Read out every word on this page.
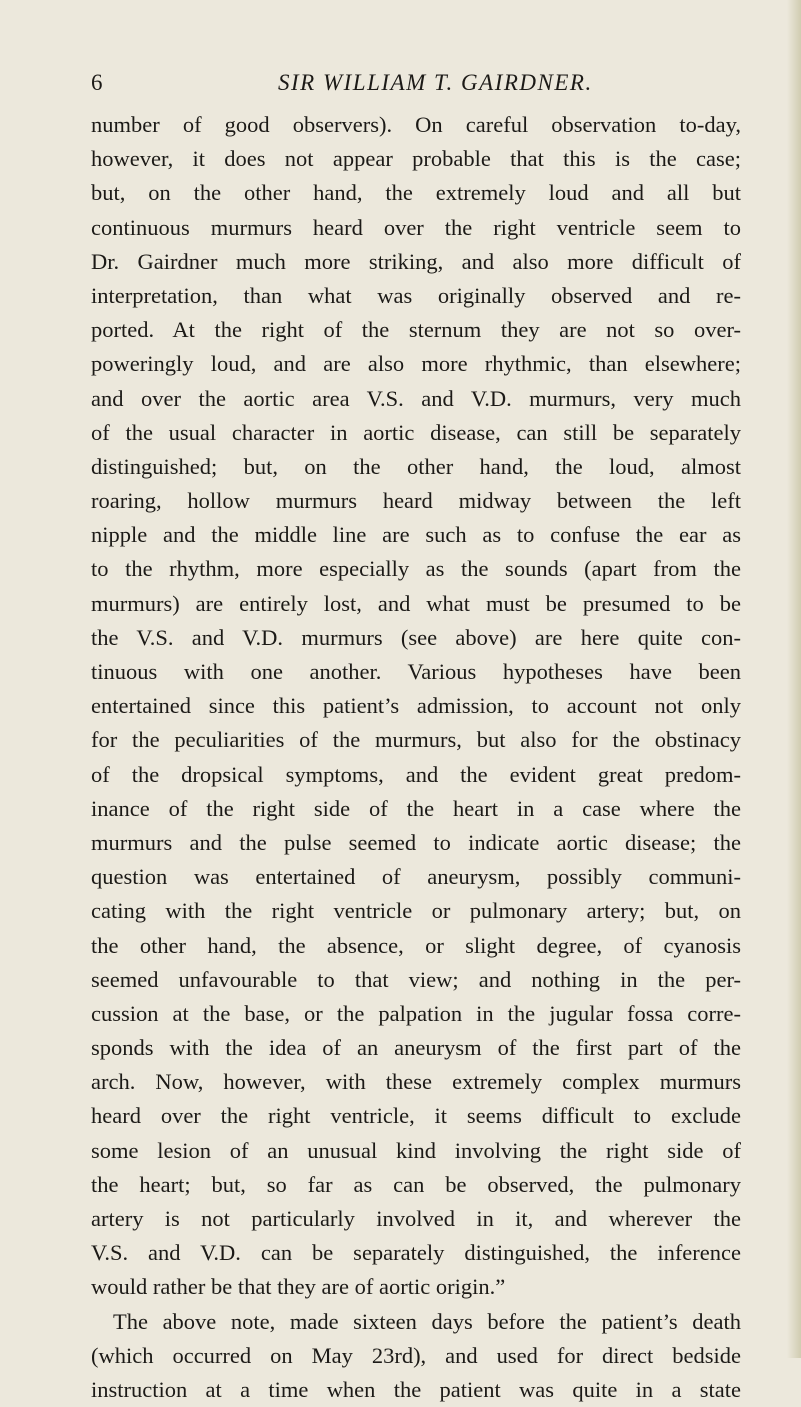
6	SIR WILLIAM T. GAIRDNER.
number of good observers). On careful observation to-day,
however, it does not appear probable that this is the case;
but, on the other hand, the extremely loud and all but
continuous murmurs heard over the right ventricle seem to
Dr. Gairdner much more striking, and also more difficult of
interpretation, than what was originally observed and re-
ported. At the right of the sternum they are not so over-
poweringly loud, and are also more rhythmic, than elsewhere;
and over the aortic area V.S. and V.D. murmurs, very much
of the usual character in aortic disease, can still be separately
distinguished; but, on the other hand, the loud, almost
roaring, hollow murmurs heard midway between the left
nipple and the middle line are such as to confuse the ear as
to the rhythm, more especially as the sounds (apart from the
murmurs) are entirely lost, and what must be presumed to be
the V.S. and V.D. murmurs (see above) are here quite con-
tinuous with one another. Various hypotheses have been
entertained since this patient’s admission, to account not only
for the peculiarities of the murmurs, but also for the obstinacy
of the dropsical symptoms, and the evident great predom-
inance of the right side of the heart in a case where the
murmurs and the pulse seemed to indicate aortic disease; the
question was entertained of aneurysm, possibly communi-
cating with the right ventricle or pulmonary artery; but, on
the other hand, the absence, or slight degree, of cyanosis
seemed unfavourable to that view; and nothing in the per-
cussion at the base, or the palpation in the jugular fossa corre-
sponds with the idea of an aneurysm of the first part of the
arch. Now, however, with these extremely complex murmurs
heard over the right ventricle, it seems difficult to exclude
some lesion of an unusual kind involving the right side of
the heart; but, so far as can be observed, the pulmonary
artery is not particularly involved in it, and wherever the
V.S. and V.D. can be separately distinguished, the inference
would rather be that they are of aortic origin.”
The above note, made sixteen days before the patient’s death
(which occurred on May 23rd), and used for direct bedside
instruction at a time when the patient was quite in a state
